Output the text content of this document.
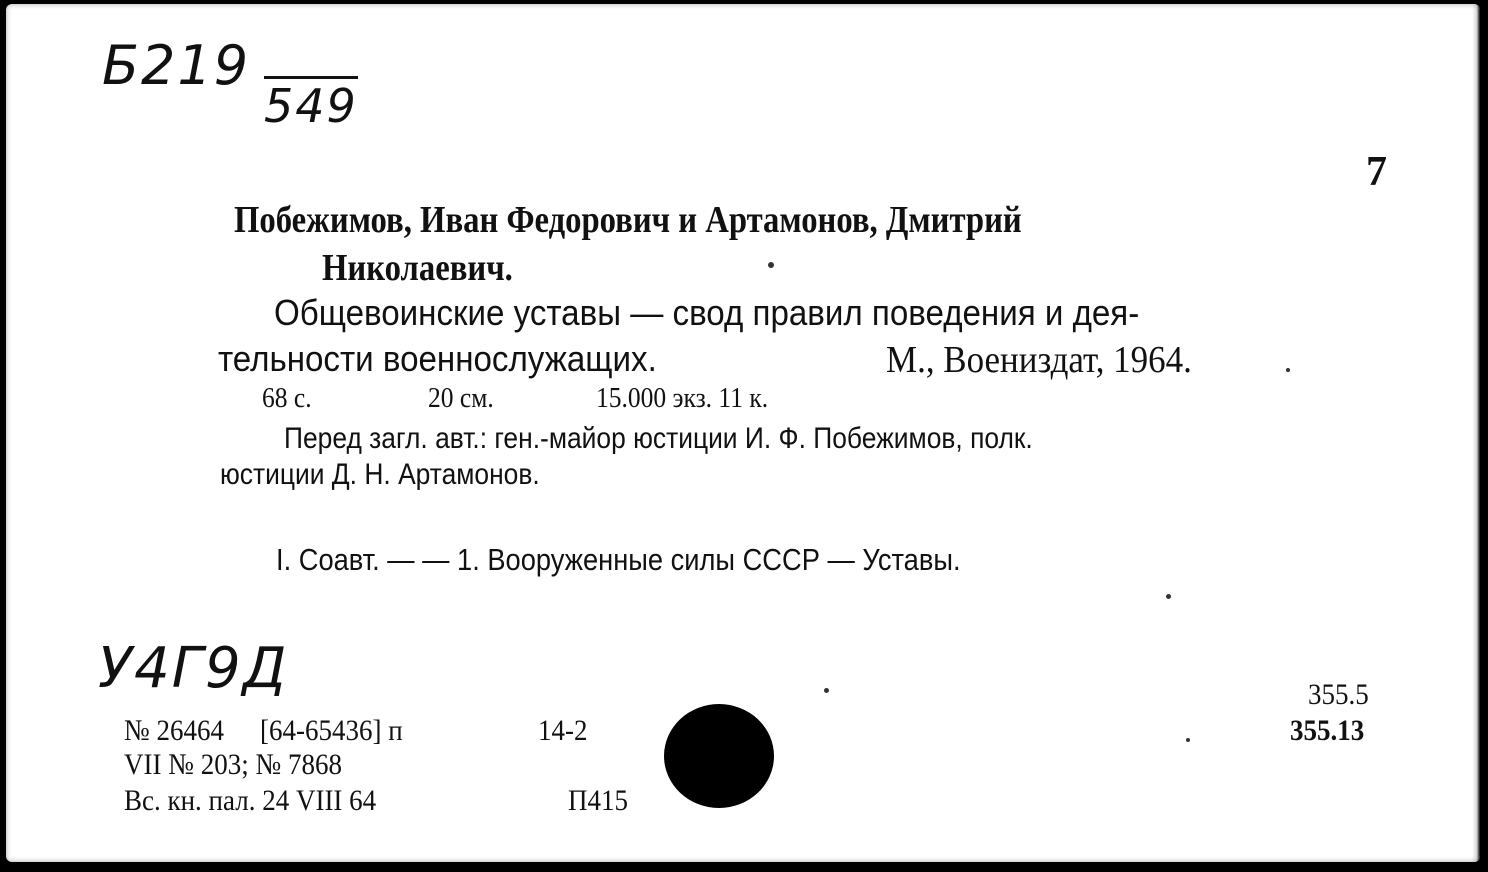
Б219
549
7
Побежимов, Иван Федорович и Артамонов, Дмитрий
Николаевич.
Общевоинские уставы — свод правил поведения и дея-
тельности военнослужащих.	М., Воениздат, 1964.
68 с.	20 см.	15.000 экз. 11 к.
Перед загл. авт.: ген.-майор юстиции И. Ф. Побежимов, полк.
юстиции Д. Н. Артамонов.
I. Соавт. — — 1. Вооруженные силы СССР — Уставы.
У4Г9Д
№ 26464 [64-65436] п	14-2
VII № 203; № 7868
Вс. кн. пал. 24 VIII 64	П415
355.5
355.13
